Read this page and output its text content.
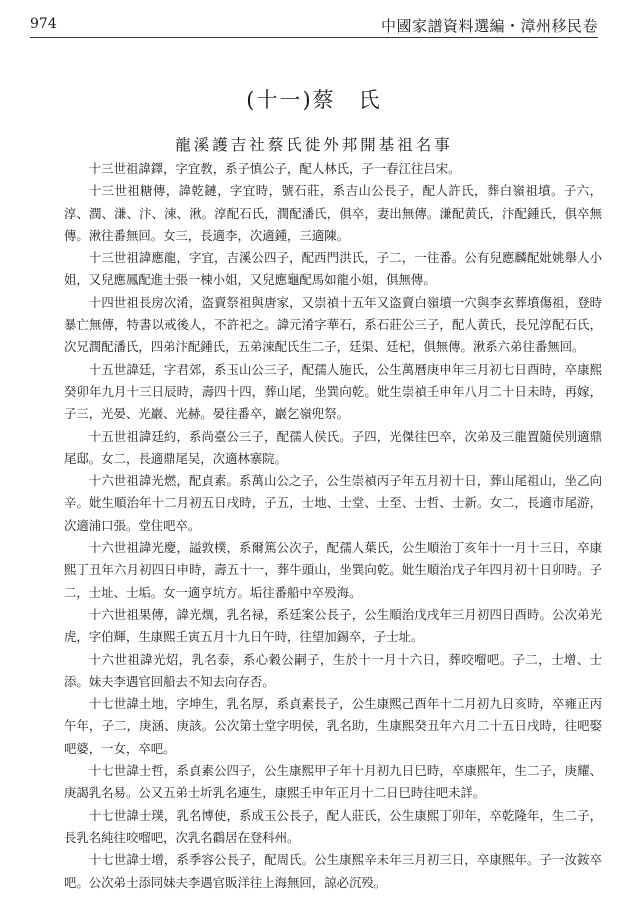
974	中國家譜資料選編・漳州移民卷
(十一)蔡　氏
龍溪護吉社蔡氏徙外邦開基祖名事

十三世祖諱鐸，字宜教，系子慎公子，配人林氏，子一春江往吕宋。

十三世祖糖傳，諱乾鏈，字宜時，號石莊，系吉山公長子，配人許氏，葬白嶺祖墳。子六，淳、潤、溓、汴、涑、湫。淳配石氏，潤配潘氏，俱卒，妻出無傳。溓配黄氏，汴配鍾氏，俱卒無傳。湫往番無回。女三，長適李，次適鍾，三適陳。

十三世祖諱應龍，字宜，吉溪公四子，配西門洪氏，子二，一往番。公有兒應麟配妣姚舉人小姐，又兒應鳳配進士張一棟小姐，又兒應龜配馬如龍小姐，俱無傳。

十四世祖長房次淆，盗賣祭祖與唐家，又崇禎十五年又盗賣白嶺墳一穴與李玄葬墳傷祖，登時暴亡無傳，特書以戒後人，不許祀之。諱元淆字華石，系石莊公三子，配人黄氏，長兄淳配石氏，次兄潤配潘氏，四弟汴配鍾氏，五弟涑配氏生二子，廷渠、廷杞，俱無傳。湫系六弟往番無回。

十五世諱廷，字君郊，系玉山公三子，配孺人施氏，公生萬曆庚申年三月初七日酉時，卒康熙癸卯年九月十三日辰時，壽四十四，葬山尾，坐巽向乾。妣生崇禎壬申年八月二十日未時，再嫁，子三，光晏、光巖、光赫。晏往番卒，巖乞嶺兜祭。

十五世祖諱廷約，系尚臺公三子，配孺人侯氏。子四，光傑往巴卒，次弟及三龍置隨侯別適鼎尾邸。女二，長適鼎尾吴，次適林寨院。

十六世祖諱光燃，配貞素。系萬山公之子，公生崇禎丙子年五月初十日，葬山尾祖山，坐乙向辛。妣生順治年十二月初五日戌時，子五，士地、士堂、士至、士哲、士新。女二，長適市尾游，次適浦口張。堂住吧卒。

十六世祖諱光慶，謚敦樸，系爾篤公次子，配孺人葉氏，公生順治丁亥年十一月十三日，卒康熙丁丑年六月初四日申時，壽五十一，葬牛頭山，坐巽向乾。妣生順治戊子年四月初十日卯時。子二，士址、士垢。女一適亨坑方。垢往番船中卒殁海。

十六世祖果傳，諱光熼，乳名禄，系廷案公長子，公生順治戊戌年三月初四日酉時。公次弟光虎，字伯輝，生康熙壬寅五月十九日午時，往望加錫卒，子士址。

十六世祖諱光炤，乳名泰，系心穀公嗣子，生於十一月十六日，葬咬𠺕吧。子二，士增、士添。妹夫李遇官回船去不知去向存否。

十七世諱土地，字坤生，乳名厚，系貞素長子，公生康熙己酉年十二月初九日亥時，卒雍正丙午年，子二，庚涵、庚該。公次第士堂字明侯，乳名助，生康熙癸丑年六月二十五日戌時，往吧娶吧婆，一女，卒吧。

十七世諱士哲，系貞素公四子，公生康熙甲子年十月初九日巳時，卒康熙年，生二子，庚耀、庚謁乳名易。公又五弟士圻乳名連生，康熙壬申年正月十二日巳時往吧未詳。

十七世諱士璞，乳名博使，系成玉公長子，配人莊氏，公生康熙丁卯年，卒乾隆年，生二子，長乳名純往咬𠺕吧，次乳名鸖居在登科州。

十七世諱士增，系季容公長子，配周氏。公生康熙辛未年三月初三日，卒康熙年。子一汝銨卒吧。公次弟士添同妹夫李遇官販洋往上海無回，諒必沉殁。
